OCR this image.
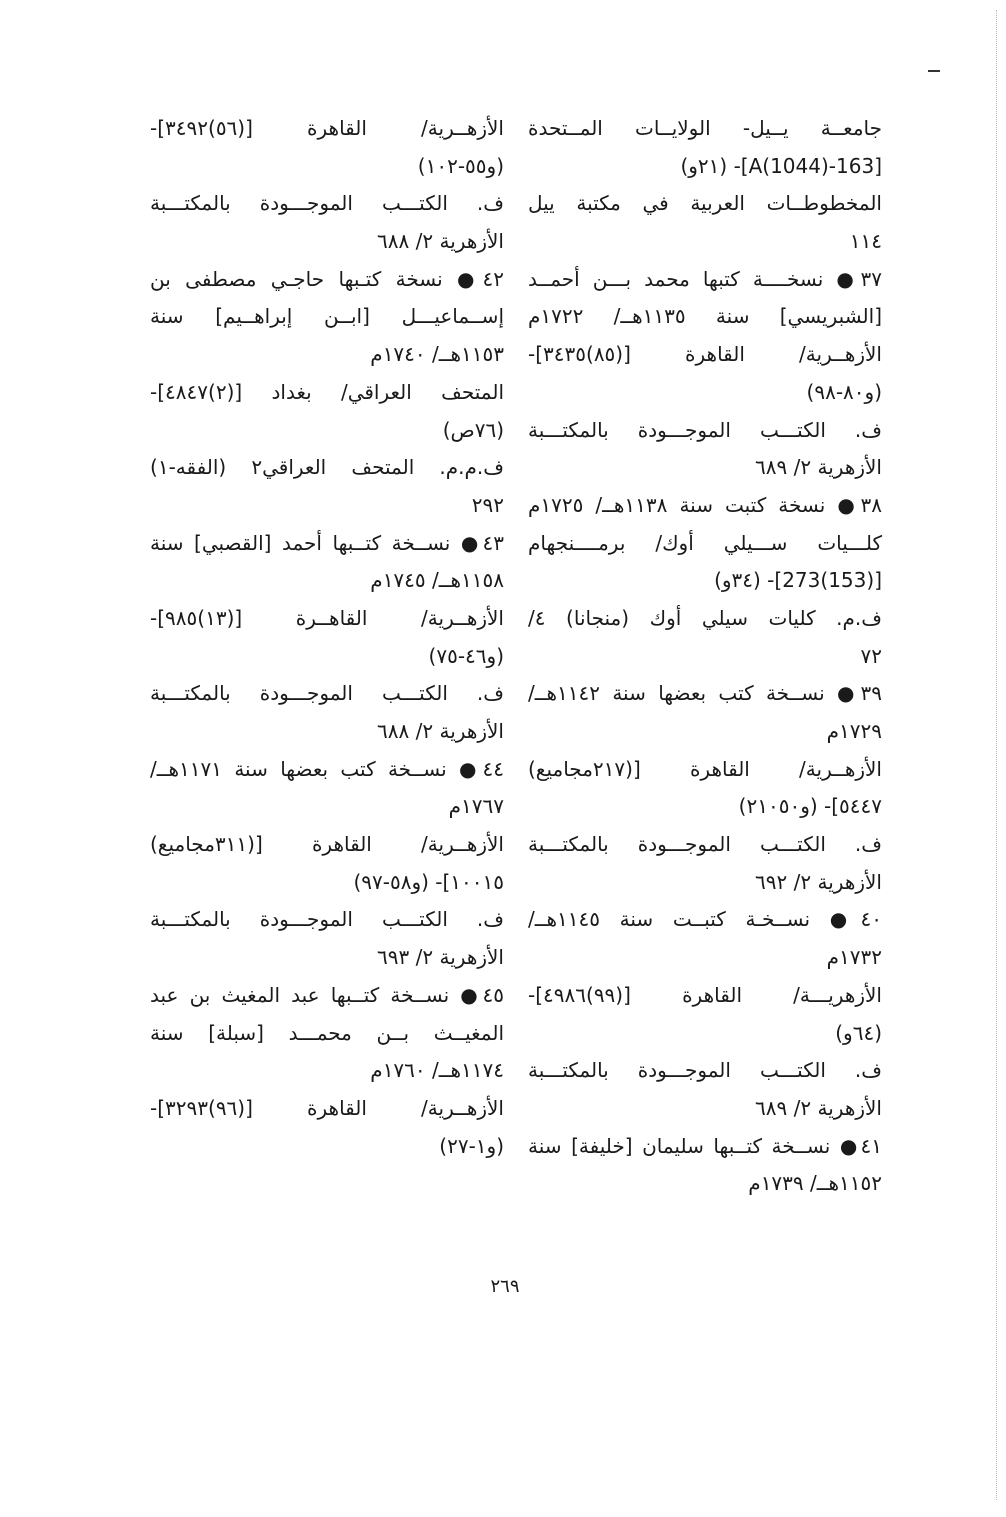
جامعــة يــيل- الولايــات المــتحدة
[163-A(1044)]- (٢١و)
المخطوطــات العربية في مكتبة ييل
١١٤
٣٧● نسخــــة كتبها محمد بـــن أحمــد
[الشبريسي] سنة ١١٣٥هــ/ ١٧٢٢م
الأزهــرية/ القاهرة [(٨٥)٣٤٣٥]-
(و٨٠-٩٨)
ف. الكتـــب الموجـــودة بالمكتـــبة
الأزهرية ٢/ ٦٨٩
٣٨● نسخة كتبت سنة ١١٣٨هــ/ ١٧٢٥م
كلـــيات ســـيلي أوك/ برمــــنجهام
[(153)273]- (٣٤و)
ف.م. كليات سيلي أوك (منجانا) ٤/
٧٢
٣٩● نســخة كتب بعضها سنة ١١٤٢هــ/
١٧٢٩م
الأزهــرية/ القاهرة [(٢١٧مجاميع)
٥٤٤٧]- (و٢١٠٥٠)
ف. الكتـــب الموجـــودة بالمكتـــبة
الأزهرية ٢/ ٦٩٢
٤٠● نســخـة كتبــت سنة ١١٤٥هــ/
١٧٣٢م
الأزهريـــة/ القاهرة [(٩٩)٤٩٨٦]-
(٦٤و)
ف. الكتـــب الموجـــودة بالمكتـــبة
الأزهرية ٢/ ٦٨٩
٤١● نســخة كتــبها سليمان [خليفة] سنة
١١٥٢هــ/ ١٧٣٩م
الأزهــرية/ القاهرة [(٥٦)٣٤٩٢]-
(و٥٥-١٠٢)
ف. الكتـــب الموجـــودة بالمكتـــبة
الأزهرية ٢/ ٦٨٨
٤٢● نسخة كتـبها حاجـي مصطفى بن
إســماعيـــل [ابــن إبراهــيم] سنة
١١٥٣هــ/ ١٧٤٠م
المتحف العراقي/ بغداد [(٢)٤٨٤٧]-
(٧٦ص)
ف.م.م. المتحف العراقي٢ (الفقه-١)
٢٩٢
٤٣● نســخة كتــبها أحمد [القصبي] سنة
١١٥٨هــ/ ١٧٤٥م
الأزهــرية/ القاهــرة [(١٣)٩٨٥]-
(و٤٦-٧٥)
ف. الكتـــب الموجـــودة بالمكتـــبة
الأزهرية ٢/ ٦٨٨
٤٤● نســخة كتب بعضها سنة ١١٧١هــ/
١٧٦٧م
الأزهــرية/ القاهرة [(٣١١مجاميع)
١٠٠١٥]- (و٥٨-٩٧)
ف. الكتـــب الموجـــودة بالمكتـــبة
الأزهرية ٢/ ٦٩٣
٤٥● نســخة كتــبها عبد المغيث بن عبد
المغيــث بــن محمـــد [سبلة] سنة
١١٧٤هــ/ ١٧٦٠م
الأزهــرية/ القاهرة [(٩٦)٣٢٩٣]-
(و١-٢٧)
٢٦٩
